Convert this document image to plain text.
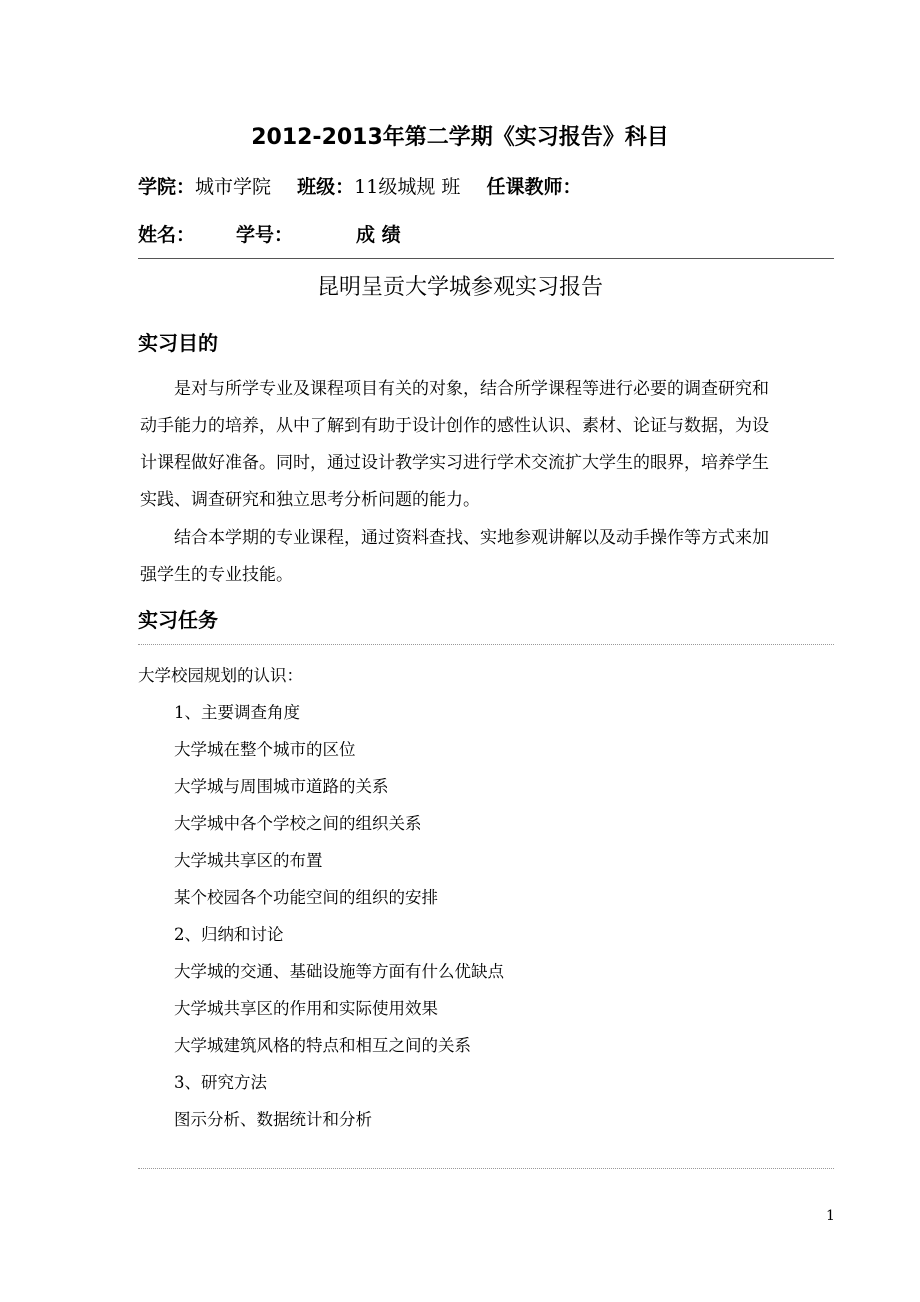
2012-2013年第二学期《实习报告》科目
学院：城市学院 班级：11级城规 班 任课教师：
姓名： 学号：	成 绩
昆明呈贡大学城参观实习报告
实习目的
是对与所学专业及课程项目有关的对象，结合所学课程等进行必要的调查研究和
动手能力的培养，从中了解到有助于设计创作的感性认识、素材、论证与数据，为设
计课程做好准备。同时，通过设计教学实习进行学术交流扩大学生的眼界，培养学生
实践、调查研究和独立思考分析问题的能力。
结合本学期的专业课程，通过资料查找、实地参观讲解以及动手操作等方式来加
强学生的专业技能。
实习任务
大学校园规划的认识：
1、主要调查角度
大学城在整个城市的区位
大学城与周围城市道路的关系
大学城中各个学校之间的组织关系
大学城共享区的布置
某个校园各个功能空间的组织的安排
2、归纳和讨论
大学城的交通、基础设施等方面有什么优缺点
大学城共享区的作用和实际使用效果
大学城建筑风格的特点和相互之间的关系
3、研究方法
图示分析、数据统计和分析
1
